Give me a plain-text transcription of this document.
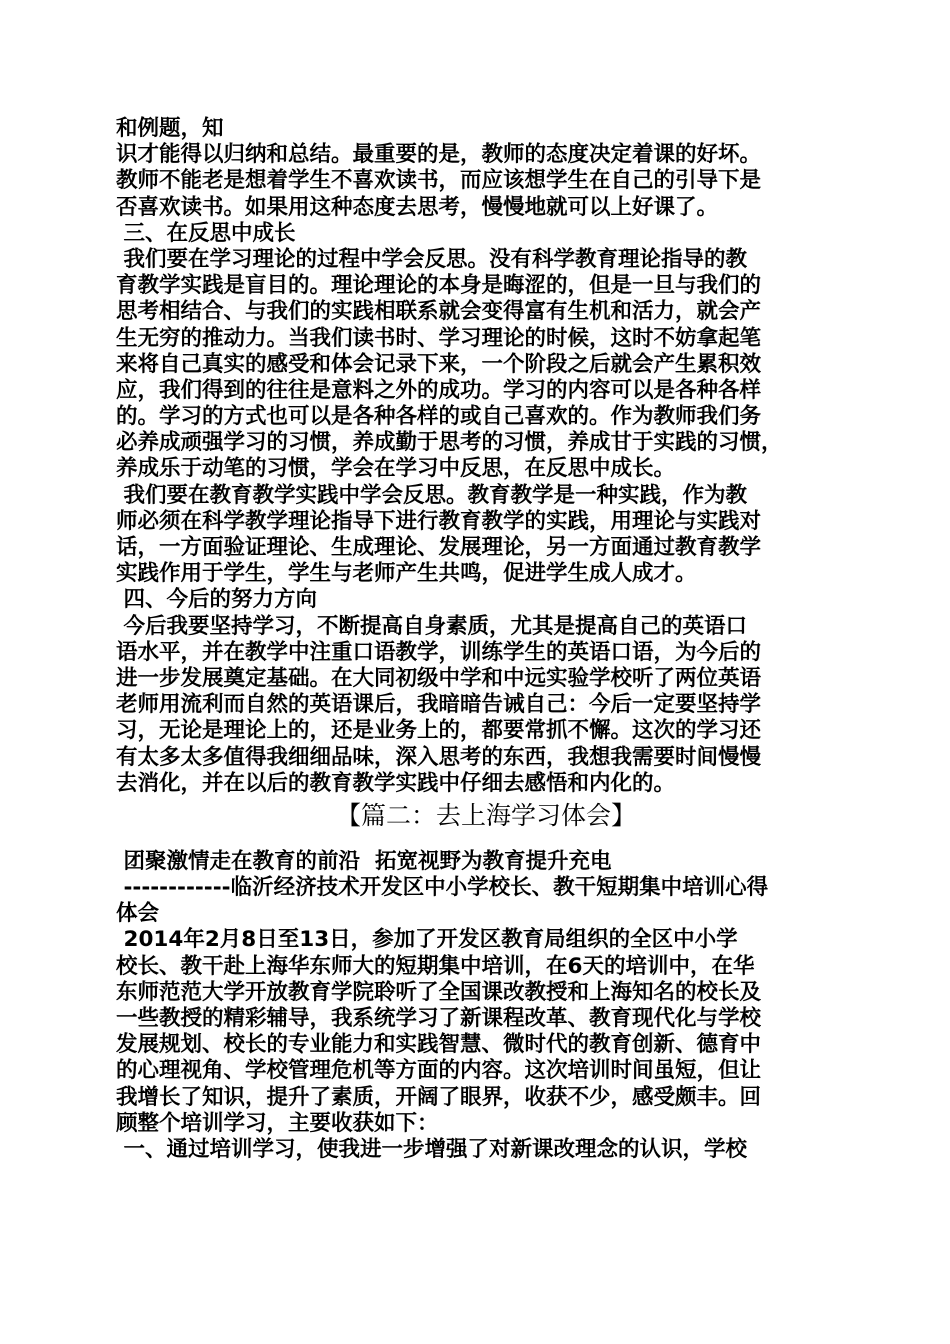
和例题，知
识才能得以归纳和总结。最重要的是，教师的态度决定着课的好坏。
教师不能老是想着学生不喜欢读书，而应该想学生在自己的引导下是
否喜欢读书。如果用这种态度去思考，慢慢地就可以上好课了。
三、在反思中成长
我们要在学习理论的过程中学会反思。没有科学教育理论指导的教
育教学实践是盲目的。理论理论的本身是晦涩的，但是一旦与我们的
思考相结合、与我们的实践相联系就会变得富有生机和活力，就会产
生无穷的推动力。当我们读书时、学习理论的时候，这时不妨拿起笔
来将自己真实的感受和体会记录下来，一个阶段之后就会产生累积效
应，我们得到的往往是意料之外的成功。学习的内容可以是各种各样
的。学习的方式也可以是各种各样的或自己喜欢的。作为教师我们务
必养成顽强学习的习惯，养成勤于思考的习惯，养成甘于实践的习惯，
养成乐于动笔的习惯，学会在学习中反思，在反思中成长。
我们要在教育教学实践中学会反思。教育教学是一种实践，作为教
师必须在科学教学理论指导下进行教育教学的实践，用理论与实践对
话，一方面验证理论、生成理论、发展理论，另一方面通过教育教学
实践作用于学生，学生与老师产生共鸣，促进学生成人成才。
四、今后的努力方向
今后我要坚持学习，不断提高自身素质，尤其是提高自己的英语口
语水平，并在教学中注重口语教学，训练学生的英语口语，为今后的
进一步发展奠定基础。在大同初级中学和中远实验学校听了两位英语
老师用流利而自然的英语课后，我暗暗告诫自己：今后一定要坚持学
习，无论是理论上的，还是业务上的，都要常抓不懈。这次的学习还
有太多太多值得我细细品味，深入思考的东西，我想我需要时间慢慢
去消化，并在以后的教育教学实践中仔细去感悟和内化的。
【篇二：去上海学习体会】
团聚激情走在教育的前沿  拓宽视野为教育提升充电
------------临沂经济技术开发区中小学校长、教干短期集中培训心得
体会
2014年2月8日至13日，参加了开发区教育局组织的全区中小学
校长、教干赴上海华东师大的短期集中培训，在6天的培训中，在华
东师范范大学开放教育学院聆听了全国课改教授和上海知名的校长及
一些教授的精彩辅导，我系统学习了新课程改革、教育现代化与学校
发展规划、校长的专业能力和实践智慧、微时代的教育创新、德育中
的心理视角、学校管理危机等方面的内容。这次培训时间虽短，但让
我增长了知识，提升了素质，开阔了眼界，收获不少，感受颇丰。回
顾整个培训学习，主要收获如下：
一、通过培训学习，使我进一步增强了对新课改理念的认识，学校
